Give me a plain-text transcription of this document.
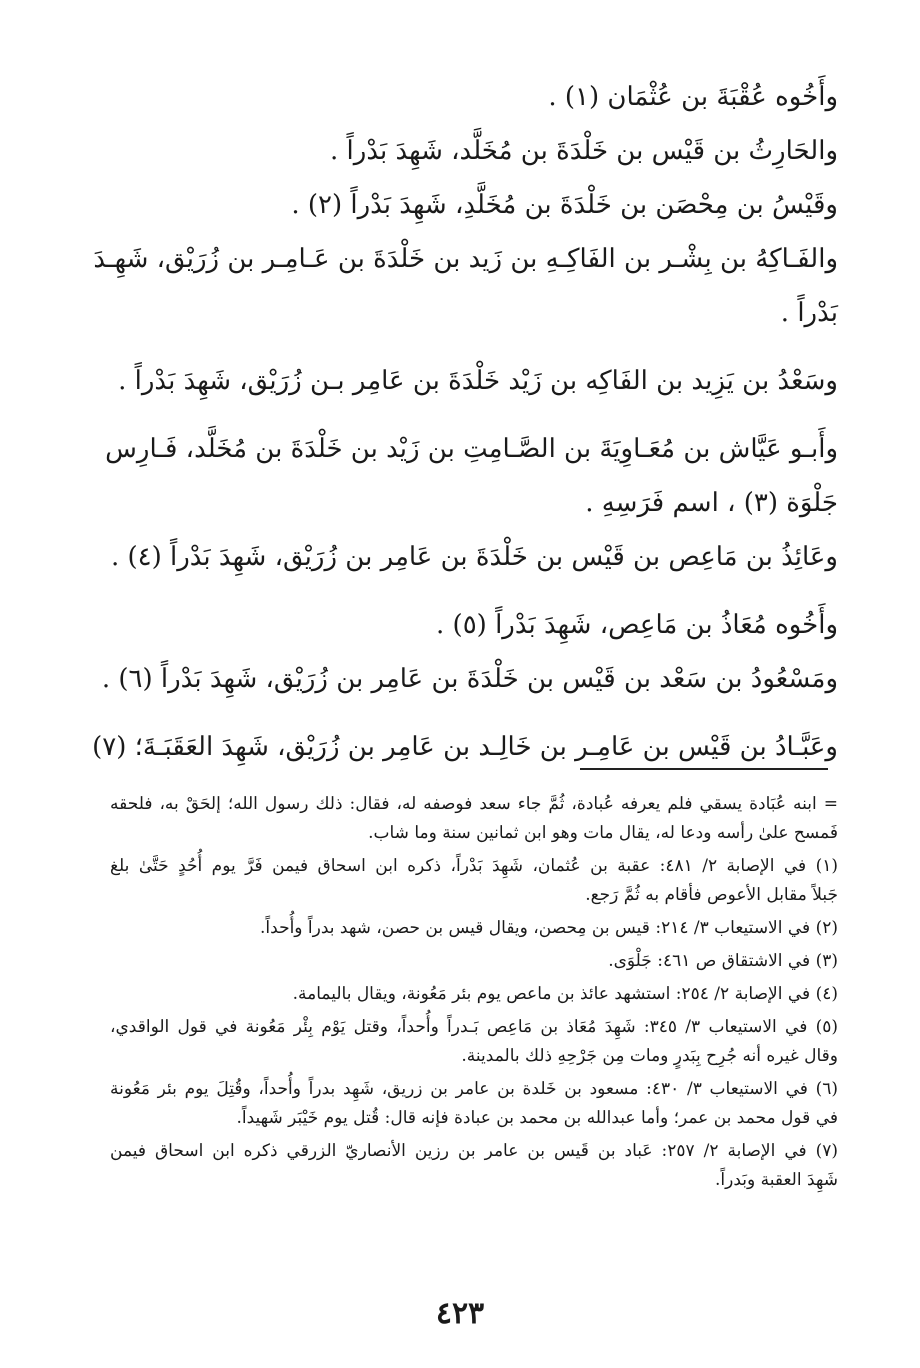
وأَخُوه عُقْبَةَ بن عُثْمَان (١) .

والحَارِثُ بن قَيْس بن خَلْدَةَ بن مُخَلَّد، شَهِدَ بَدْراً .

وقَيْسُ بن مِحْصَن بن خَلْدَةَ بن مُخَلَّدِ، شَهِدَ بَدْراً (٢) .

والفَـاكِهُ بن بِشْـر بن الفَاكِـهِ بن زَيد بن خَلْدَةَ بن عَـامِـر بن زُرَيْق، شَهِـدَ

بَدْراً .

وسَعْدُ بن يَزِيد بن الفَاكِه بن زَيْد خَلْدَةَ بن عَامِر بـن زُرَيْق، شَهِدَ بَدْراً .

وأَبـو عَيَّاش بن مُعَـاوِيَةَ بن الصَّـامِتِ بن زَيْد بن خَلْدَةَ بن مُخَلَّد، فَـارِس

جَلْوَة (٣) ، اسم فَرَسِهِ .

وعَائِذُ بن مَاعِص بن قَيْس بن خَلْدَةَ بن عَامِر بن زُرَيْق، شَهِدَ بَدْراً (٤) .

وأَخُوه مُعَاذُ بن مَاعِص، شَهِدَ بَدْراً (٥) .

ومَسْعُودُ بن سَعْد بن قَيْس بن خَلْدَةَ بن عَامِر بن زُرَيْق، شَهِدَ بَدْراً (٦) .

وعَبَّـادُ بن قَيْس بن عَامِـر بن خَالِـد بن عَامِر بن زُرَيْق، شَهِدَ العَقَبَـةَ؛ (٧)

= ابنه عُبَادة يسقي فلم يعرفه عُبادة، ثُمَّ جاء سعد فوصفه له، فقال: ذلك رسول الله؛ إلحَقْ به، فلحقه
فَمسح علىٰ رأسه ودعا له، يقال مات وهو ابن ثمانين سنة وما شاب.
(١) في الإصابة ٢/ ٤٨١: عقبة بن عُثمان، شَهِدَ بَدْراً، ذكره ابن اسحاق فيمن فَرَّ يوم أُحُدٍ حَتَّىٰ بلغ
جَبلاً مقابل الأعوص فأقام به ثُمَّ رَجع.
(٢) في الاستيعاب ٣/ ٢١٤: قيس بن مِحصن، ويقال قيس بن حصن، شهد بدراً وأُحداً.
(٣) في الاشتقاق ص ٤٦١: جَلْوَى.
(٤) في الإصابة ٢/ ٢٥٤: استشهد عائذ بن ماعص يوم بئر مَعُونة، ويقال باليمامة.
(٥) في الاستيعاب ٣/ ٣٤٥: شَهِدَ مُعَاذ بن مَاعِص بَـدراً وأُحداً، وقتل يَوْم بِئْر مَعُونة في قول الواقدي،
وقال غيره أنه جُرِح بِبَدرٍ ومات مِن جَرْحِهِ ذلك بالمدينة.
(٦) في الاستيعاب ٣/ ٤٣٠: مسعود بن خَلدة بن عامر بن زريق، شَهِد بدراً وأُحداً، وقُتِلَ يوم بئر مَعُونة
في قول محمد بن عمر؛ وأما عبدالله بن محمد بن عبادة فإنه قال: قُتل يوم خَيْبَر شَهيداً.
(٧) في الإصابة ٢/ ٢٥٧: عَباد بن قَيس بن عامر بن رزين الأنصاريّ الزرقي ذكره ابن اسحاق فيمن
شَهِدَ العقبة وبَدراً.
٤٢٣
